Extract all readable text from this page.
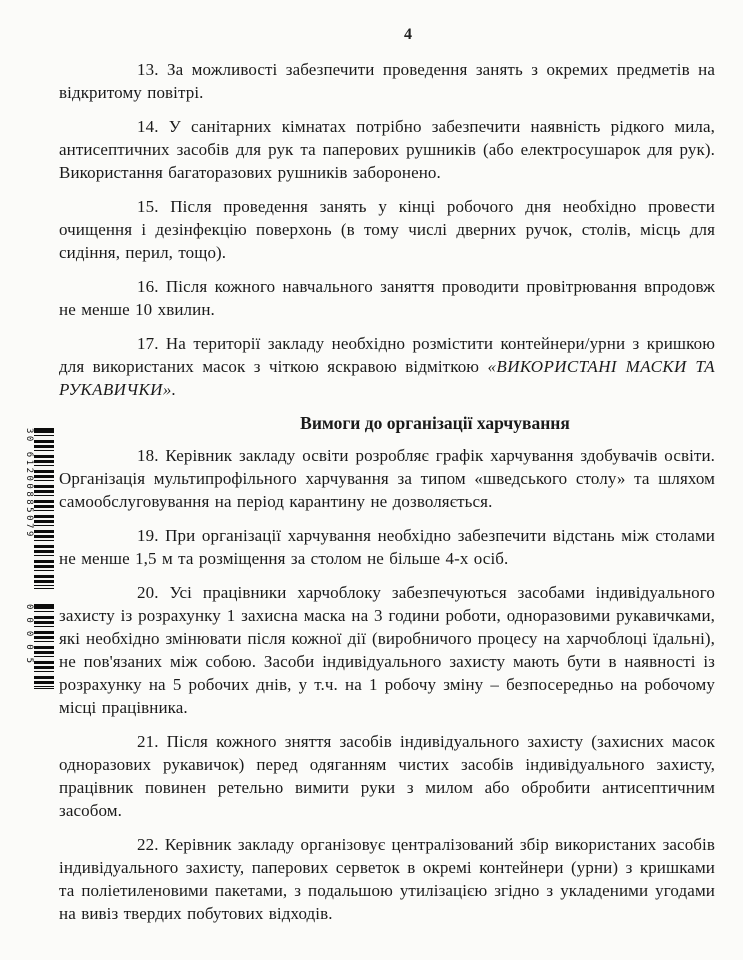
4

13. За можливості забезпечити проведення занять з окремих предметів на відкритому повітрі.

14. У санітарних кімнатах потрібно забезпечити наявність рідкого мила, антисептичних засобів для рук та паперових рушників (або електросушарок для рук). Використання багаторазових рушників заборонено.

15. Після проведення занять у кінці робочого дня необхідно провести очищення і дезінфекцію поверхонь (в тому числі дверних ручок, столів, місць для сидіння, перил, тощо).

16. Після кожного навчального заняття проводити провітрювання впродовж не менше 10 хвилин.

17. На території закладу необхідно розмістити контейнери/урни з кришкою для використаних масок з чіткою яскравою відміткою «ВИКОРИСТАНІ МАСКИ ТА РУКАВИЧКИ».

Вимоги до організації харчування

18. Керівник закладу освіти розробляє графік харчування здобувачів освіти. Організація мультипрофільного харчування за типом «шведського столу» та шляхом самообслуговування на період карантину не дозволяється.

19. При організації харчування необхідно забезпечити відстань між столами не менше 1,5 м та розміщення за столом не більше 4-х осіб.

20. Усі працівники харчоблоку забезпечуються засобами індивідуального захисту із розрахунку 1 захисна маска на 3 години роботи, одноразовими рукавичками, які необхідно змінювати після кожної дії (виробничого процесу на харчоблоці їдальні), не пов'язаних між собою. Засоби індивідуального захисту мають бути в наявності із розрахунку на 5 робочих днів, у т.ч. на 1 робочу зміну – безпосередньо на робочому місці працівника.

21. Після кожного зняття засобів індивідуального захисту (захисних масок одноразових рукавичок) перед одяганням чистих засобів індивідуального захисту, працівник повинен ретельно вимити руки з милом або обробити антисептичним засобом.

22. Керівник закладу організовує централізований збір використаних засобів індивідуального захисту, паперових серветок в окремі контейнери (урни) з кришками та поліетиленовими пакетами, з подальшою утилізацією згідно з укладеними угодами на вивіз твердих побутових відходів.

30 61200885079
00005
